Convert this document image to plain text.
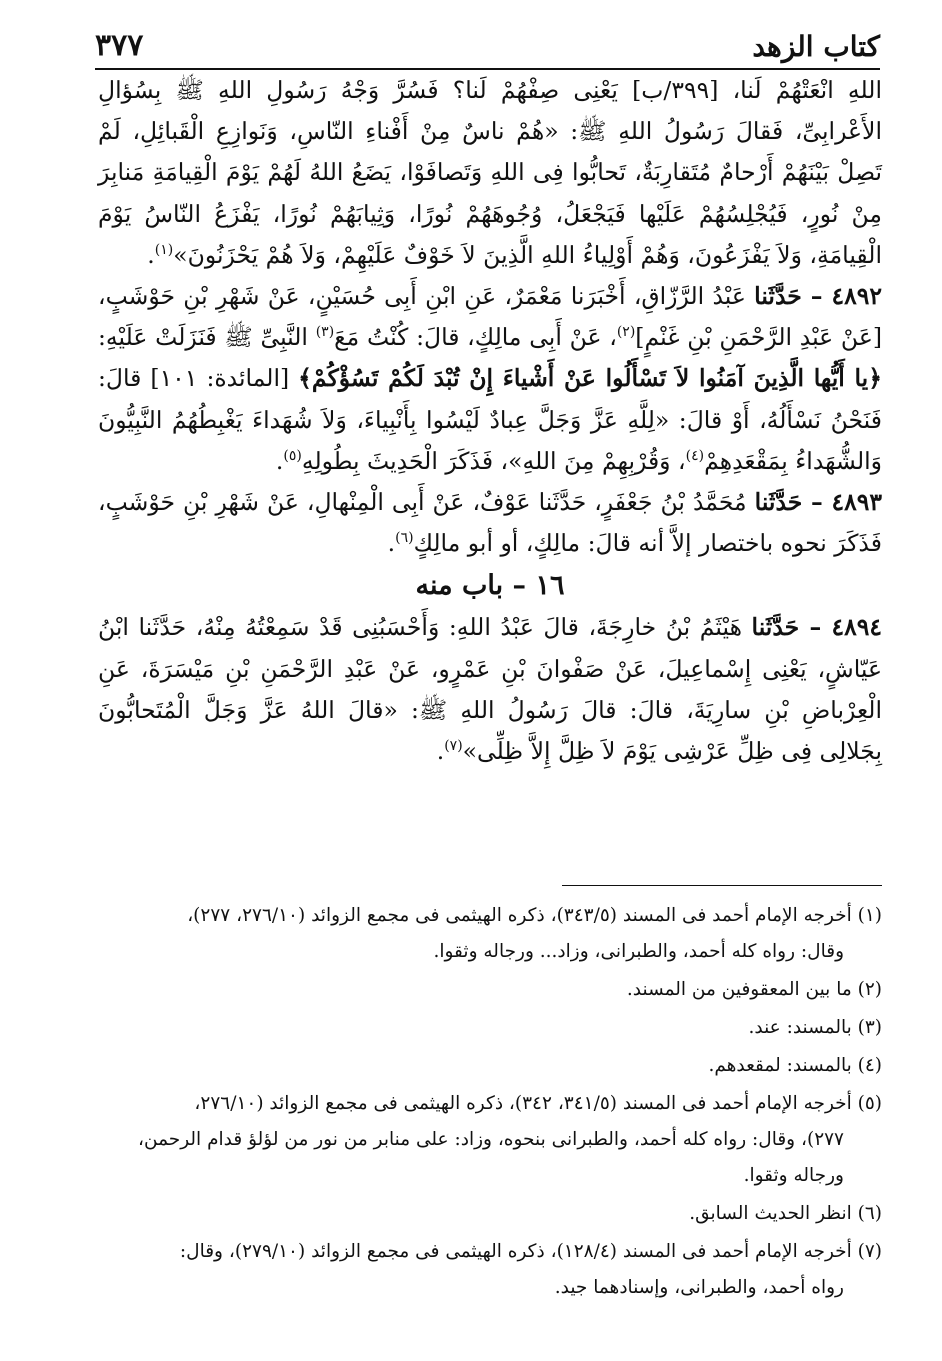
كتاب الزهد
٣٧٧

اللهِ انْعَتْهُمْ لَنا، [٣٩٩/ب] يَعْنِى صِفْهُمْ لَنا؟ فَسُرَّ وَجْهُ رَسُولِ اللهِ ﷺ بِسُؤالِ الأَعْرابِىِّ، فَقالَ رَسُولُ اللهِ ﷺ: «هُمْ ناسٌ مِنْ أَفْناءِ النّاسِ، وَنَوازِعِ الْقَبائِلِ، لَمْ تَصِلْ بَيْنَهُمْ أَرْحامٌ مُتَقارِبَةٌ، تَحابُّوا فِى اللهِ وَتَصافَوْا، يَضَعُ اللهُ لَهُمْ يَوْمَ الْقِيامَةِ مَنابِرَ مِنْ نُورٍ، فَيُجْلِسُهُمْ عَلَيْها فَيَجْعَلُ، وُجُوهَهُمْ نُورًا، وَثِيابَهُمْ نُورًا، يَفْزَعُ النّاسُ يَوْمَ الْقِيامَةِ، وَلاَ يَفْزَعُونَ، وَهُمْ أَوْلِياءُ اللهِ الَّذِينَ لاَ خَوْفٌ عَلَيْهِمْ، وَلاَ هُمْ يَحْزَنُونَ»$^{(١)}$.

٤٨٩٢ – حَدَّثَنا عَبْدُ الرَّزّاقِ، أَخْبَرَنا مَعْمَرٌ، عَنِ ابْنِ أَبِى حُسَيْنٍ، عَنْ شَهْرِ بْنِ حَوْشَبٍ، [عَنْ عَبْدِ الرَّحْمَنِ بْنِ غَنْمٍ]$^{(٢)}$، عَنْ أَبِى مالِكٍ، قالَ: كُنْتُ مَعَ$^{(٣)}$ النَّبِىِّ ﷺ فَنَزَلَتْ عَلَيْهِ: ﴿يا أَيُّها الَّذِينَ آمَنُوا لاَ تَسْأَلُوا عَنْ أَشْياءَ إِنْ تُبْدَ لَكُمْ تَسُؤْكُمْ﴾ [المائدة: ١٠١] قالَ: فَنَحْنُ نَسْأَلُهُ، أَوْ قالَ: «لِلَّهِ عَزَّ وَجَلَّ عِبادٌ لَيْسُوا بِأَنْبِياءَ، وَلاَ شُهَداءَ يَغْبِطُهُمُ النَّبِيُّونَ وَالشُّهَداءُ بِمَقْعَدِهِمْ$^{(٤)}$، وَقُرْبِهِمْ مِنَ اللهِ»، فَذَكَرَ الْحَدِيثَ بِطُولِهِ$^{(٥)}$.

٤٨٩٣ – حَدَّثَنا مُحَمَّدُ بْنُ جَعْفَرٍ، حَدَّثَنا عَوْفٌ، عَنْ أَبِى الْمِنْهالِ، عَنْ شَهْرِ بْنِ حَوْشَبٍ، فَذَكَرَ نحوه باختصار إلاَّ أنه قالَ: مالِكٍ، أو أبو مالِكٍ$^{(٦)}$.

١٦ – باب منه

٤٨٩٤ – حَدَّثَنا هَيْثَمُ بْنُ خارِجَةَ، قالَ عَبْدُ اللهِ: وَأَحْسَبُنِى قَدْ سَمِعْتُهُ مِنْهُ، حَدَّثَنا ابْنُ عَيّاشٍ، يَعْنِى إِسْماعِيلَ، عَنْ صَفْوانَ بْنِ عَمْرٍو، عَنْ عَبْدِ الرَّحْمَنِ بْنِ مَيْسَرَةَ، عَنِ الْعِرْباضِ بْنِ سارِيَةَ، قالَ: قالَ رَسُولُ اللهِ ﷺ: «قالَ اللهُ عَزَّ وَجَلَّ الْمُتَحابُّونَ بِجَلالِى فِى ظِلِّ عَرْشِى يَوْمَ لاَ ظِلَّ إِلاَّ ظِلِّى»$^{(٧)}$.

(١) أخرجه الإمام أحمد فى المسند (٣٤٣/٥)، ذكره الهيثمى فى مجمع الزوائد (٢٧٦/١٠، ٢٧٧)،
وقال: رواه كله أحمد، والطبرانى، وزاد... ورجاله وثقوا.

(٢) ما بين المعقوفين من المسند.

(٣) بالمسند: عند.

(٤) بالمسند: لمقعدهم.

(٥) أخرجه الإمام أحمد فى المسند (٣٤١/٥، ٣٤٢)، ذكره الهيثمى فى مجمع الزوائد (٢٧٦/١٠،
٢٧٧)، وقال: رواه كله أحمد، والطبرانى بنحوه، وزاد: على منابر من نور من لؤلؤ قدام الرحمن،
ورجاله وثقوا.

(٦) انظر الحديث السابق.

(٧) أخرجه الإمام أحمد فى المسند (١٢٨/٤)، ذكره الهيثمى فى مجمع الزوائد (٢٧٩/١٠)، وقال:
رواه أحمد، والطبرانى، وإسنادهما جيد.
